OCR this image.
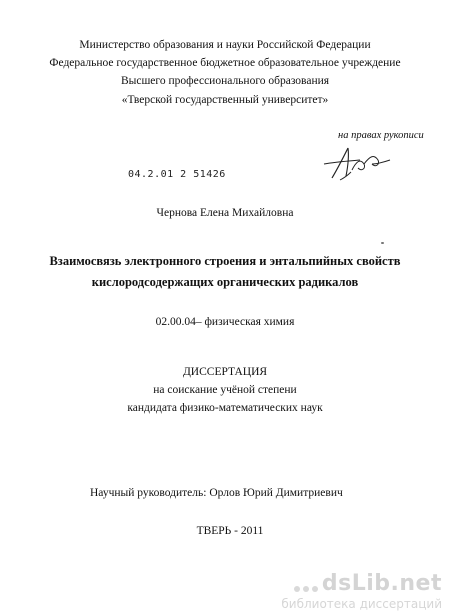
Министерство образования и науки Российской Федерации
Федеральное государственное бюджетное образовательное учреждение
Высшего профессионального образования
«Тверской государственный университет»
на правах рукописи
04.2.01 2 51426
Чернова Елена Михайловна
Взаимосвязь электронного строения и энтальпийных свойств
кислородсодержащих органических радикалов
02.00.04– физическая химия
ДИССЕРТАЦИЯ
на соискание учёной степени
кандидата физико-математических наук
Научный руководитель: Орлов Юрий Димитриевич
ТВЕРЬ - 2011
dsLib.net
библиотека диссертаций
